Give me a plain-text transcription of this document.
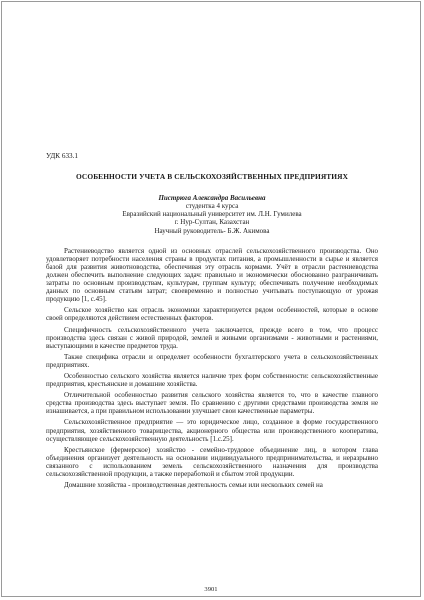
УДК 633.1
ОСОБЕННОСТИ УЧЕТА В СЕЛЬСКОХОЗЯЙСТВЕННЫХ ПРЕДПРИЯТИЯХ
Пистрюга Александра Васильевна
студентка 4 курса
Евразийский национальный университет им. Л.Н. Гумилева
г. Нур-Султан, Казахстан
Научный руководитель- Б.Ж. Акимова

Растениеводство является одной из основных отраслей сельскохозяйственного производства. Оно удовлетворяет потребности населения страны в продуктах питания, а промышленности в сырье и является базой для развития животноводства, обеспечивая эту отрасль кормами. Учёт в отрасли растениеводства должен обеспечить выполнение следующих задач: правильно и экономически обоснованно разграничивать затраты по основным производствам, культурам, группам культур; обеспечивать получение необходимых данных по основным статьям затрат; своевременно и полностью учитывать поступающую от урожая продукцию [1, с.45].

Сельское хозяйство как отрасль экономики характеризуется рядом особенностей, которые в основе своей определяются действием естественных факторов.

Специфичность сельскохозяйственного учета заключается, прежде всего в том, что процесс производства здесь связан с живой природой, землей и живыми организмами - животными и растениями, выступающими в качестве предметов труда.

Также специфика отрасли и определяет особенности бухгалтерского учета в сельскохозяйственных предприятиях.

Особенностью сельского хозяйства является наличие трех форм собственности: сельскохозяйственные предприятия, крестьянские и домашние хозяйства.

Отличительной особенностью развития сельского хозяйства является то, что в качестве главного средства производства здесь выступает земля. По сравнению с другими средствами производства земля не изнашивается, а при правильном использовании улучшает свои качественные параметры.

Сельскохозяйственное предприятие — это юридическое лицо, созданное в форме государственного предприятия, хозяйственного товарищества, акционерного общества или производственного кооператива, осуществляющее сельскохозяйственную деятельность [1.с.25].

Крестьянское (фермерское) хозяйство - семейно-трудовое объединение лиц, в котором глава объединения организует деятельность на основании индивидуального предпринимательства, и неразрывно связанного с использованием земель сельскохозяйственного назначения для производства сельскохозяйственной продукции, а также переработкой и сбытом этой продукции.

Домашние хозяйства - производственная деятельность семьи или нескольких семей на

3901
